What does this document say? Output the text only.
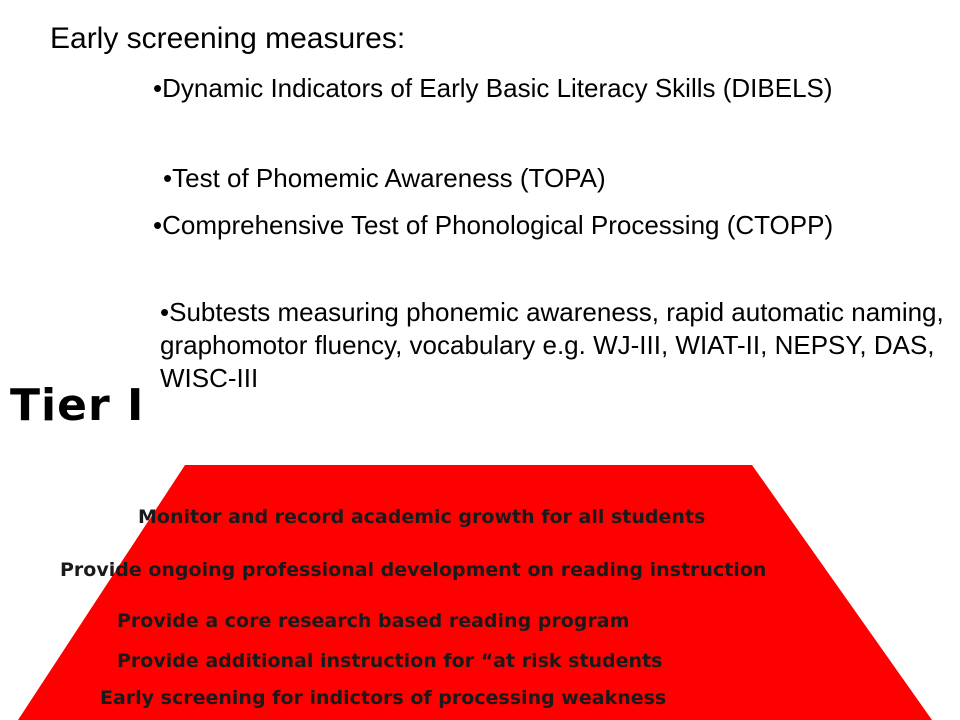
Early screening measures:
•Dynamic Indicators of Early Basic Literacy Skills (DIBELS)
•Test of Phomemic Awareness (TOPA)
•Comprehensive Test of Phonological Processing (CTOPP)
•Subtests measuring phonemic awareness, rapid automatic naming, graphomotor fluency, vocabulary e.g. WJ-III, WIAT-II, NEPSY, DAS, WISC-III
Tier I
Monitor and record academic growth for all students
Provide ongoing professional development on reading instruction
Provide a core research based reading program
Provide additional instruction for “at risk students
Early screening for indictors of processing weakness
